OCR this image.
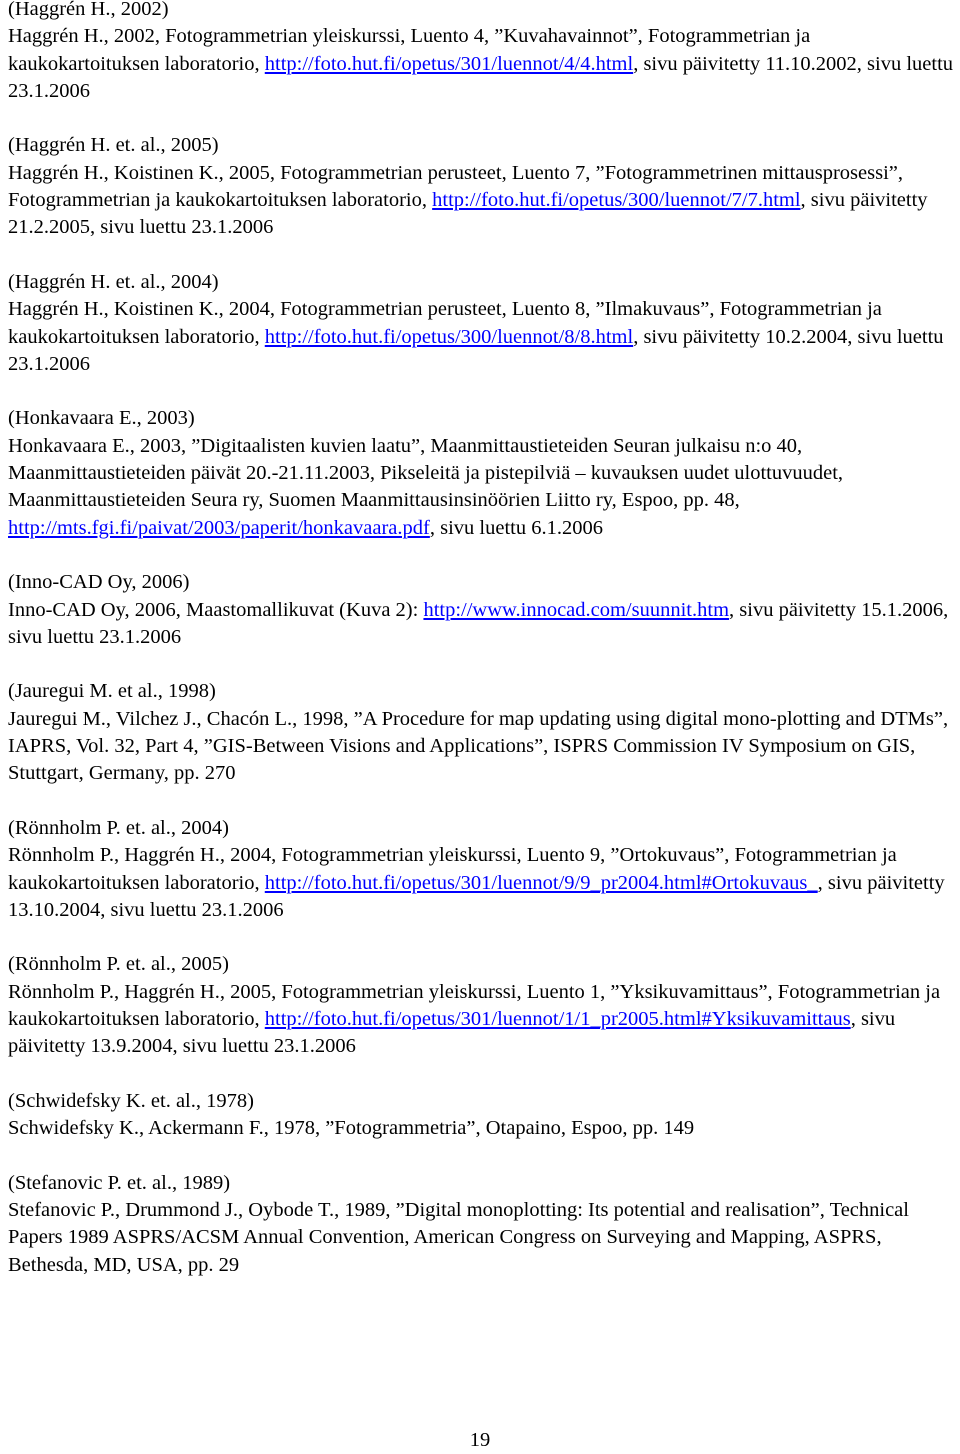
(Haggrén H., 2002)

Haggrén H., 2002, Fotogrammetrian yleiskurssi, Luento 4, ”Kuvahavainnot”, Fotogrammetrian ja kaukokartoituksen laboratorio, http://foto.hut.fi/opetus/301/luennot/4/4.html, sivu päivitetty 11.10.2002, sivu luettu 23.1.2006

(Haggrén H. et. al., 2005)

Haggrén H., Koistinen K., 2005, Fotogrammetrian perusteet, Luento 7, ”Fotogrammetrinen mittausprosessi”, Fotogrammetrian ja kaukokartoituksen laboratorio, http://foto.hut.fi/opetus/300/luennot/7/7.html, sivu päivitetty 21.2.2005, sivu luettu 23.1.2006

(Haggrén H. et. al., 2004)

Haggrén H., Koistinen K., 2004, Fotogrammetrian perusteet, Luento 8, ”Ilmakuvaus”, Fotogrammetrian ja kaukokartoituksen laboratorio, http://foto.hut.fi/opetus/300/luennot/8/8.html, sivu päivitetty 10.2.2004, sivu luettu 23.1.2006

(Honkavaara E., 2003)

Honkavaara E., 2003, ”Digitaalisten kuvien laatu”, Maanmittaustieteiden Seuran julkaisu n:o 40, Maanmittaustieteiden päivät 20.-21.11.2003, Pikseleitä ja pistepilviä – kuvauksen uudet ulottuvuudet, Maanmittaustieteiden Seura ry, Suomen Maanmittausinsinöörien Liitto ry, Espoo, pp. 48, http://mts.fgi.fi/paivat/2003/paperit/honkavaara.pdf, sivu luettu 6.1.2006

(Inno-CAD Oy, 2006)

Inno-CAD Oy, 2006, Maastomallikuvat (Kuva 2): http://www.innocad.com/suunnit.htm, sivu päivitetty 15.1.2006, sivu luettu 23.1.2006

(Jauregui M. et al., 1998)

Jauregui M., Vilchez J., Chacón L., 1998, ”A Procedure for map updating using digital mono-plotting and DTMs”, IAPRS, Vol. 32, Part 4, ”GIS-Between Visions and Applications”, ISPRS Commission IV Symposium on GIS, Stuttgart, Germany, pp. 270

(Rönnholm P. et. al., 2004)

Rönnholm P., Haggrén H., 2004, Fotogrammetrian yleiskurssi, Luento 9, ”Ortokuvaus”, Fotogrammetrian ja kaukokartoituksen laboratorio, http://foto.hut.fi/opetus/301/luennot/9/9_pr2004.html#Ortokuvaus_, sivu päivitetty 13.10.2004, sivu luettu 23.1.2006

(Rönnholm P. et. al., 2005)

Rönnholm P., Haggrén H., 2005, Fotogrammetrian yleiskurssi, Luento 1, ”Yksikuvamittaus”, Fotogrammetrian ja kaukokartoituksen laboratorio, http://foto.hut.fi/opetus/301/luennot/1/1_pr2005.html#Yksikuvamittaus, sivu päivitetty 13.9.2004, sivu luettu 23.1.2006

(Schwidefsky K. et. al., 1978)

Schwidefsky K., Ackermann F., 1978, ”Fotogrammetria”, Otapaino, Espoo, pp. 149

(Stefanovic P. et. al., 1989)

Stefanovic P., Drummond J., Oybode T., 1989, ”Digital monoplotting: Its potential and realisation”, Technical Papers 1989 ASPRS/ACSM Annual Convention, American Congress on Surveying and Mapping, ASPRS, Bethesda, MD, USA, pp. 29

19
